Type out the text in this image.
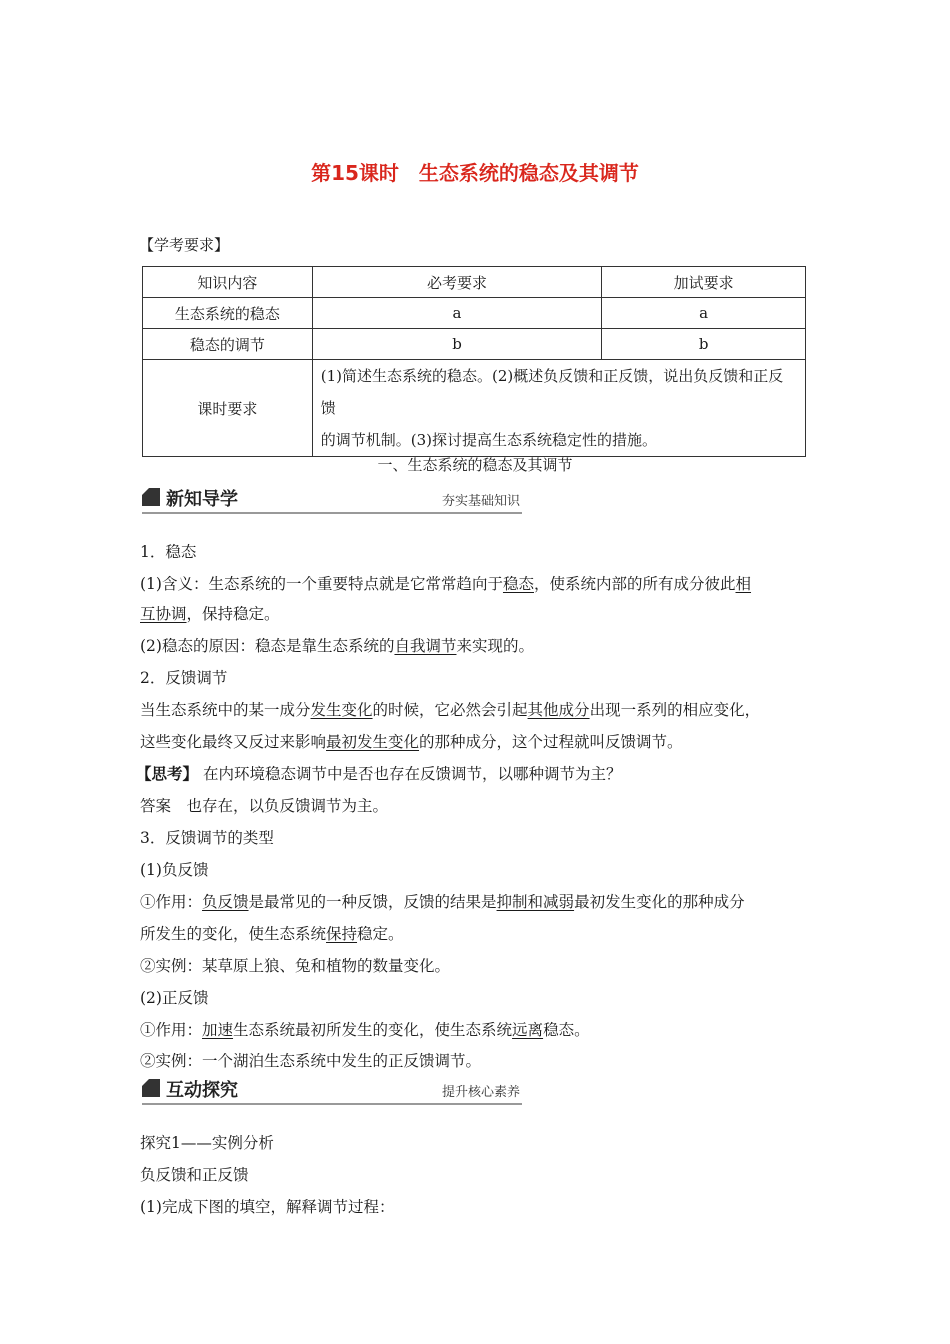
第15课时　生态系统的稳态及其调节
【学考要求】
知识内容	必考要求	加试要求
生态系统的稳态	a	a
稳态的调节	b	b
课时要求	(1)简述生态系统的稳态。(2)概述负反馈和正反馈，说出负反馈和正反馈
的调节机制。(3)探讨提高生态系统稳定性的措施。	
一、生态系统的稳态及其调节
新知导学	夯实基础知识
1．稳态
(1)含义：生态系统的一个重要特点就是它常常趋向于稳态，使系统内部的所有成分彼此相
互协调，保持稳定。
(2)稳态的原因：稳态是靠生态系统的自我调节来实现的。
2．反馈调节
当生态系统中的某一成分发生变化的时候，它必然会引起其他成分出现一系列的相应变化，
这些变化最终又反过来影响最初发生变化的那种成分，这个过程就叫反馈调节。
【思考】 在内环境稳态调节中是否也存在反馈调节，以哪种调节为主？
答案　也存在，以负反馈调节为主。
3．反馈调节的类型
(1)负反馈
①作用：负反馈是最常见的一种反馈，反馈的结果是抑制和减弱最初发生变化的那种成分
所发生的变化，使生态系统保持稳定。
②实例：某草原上狼、兔和植物的数量变化。
(2)正反馈
①作用：加速生态系统最初所发生的变化，使生态系统远离稳态。
②实例：一个湖泊生态系统中发生的正反馈调节。
互动探究	提升核心素养
探究1——实例分析
负反馈和正反馈
(1)完成下图的填空，解释调节过程：
